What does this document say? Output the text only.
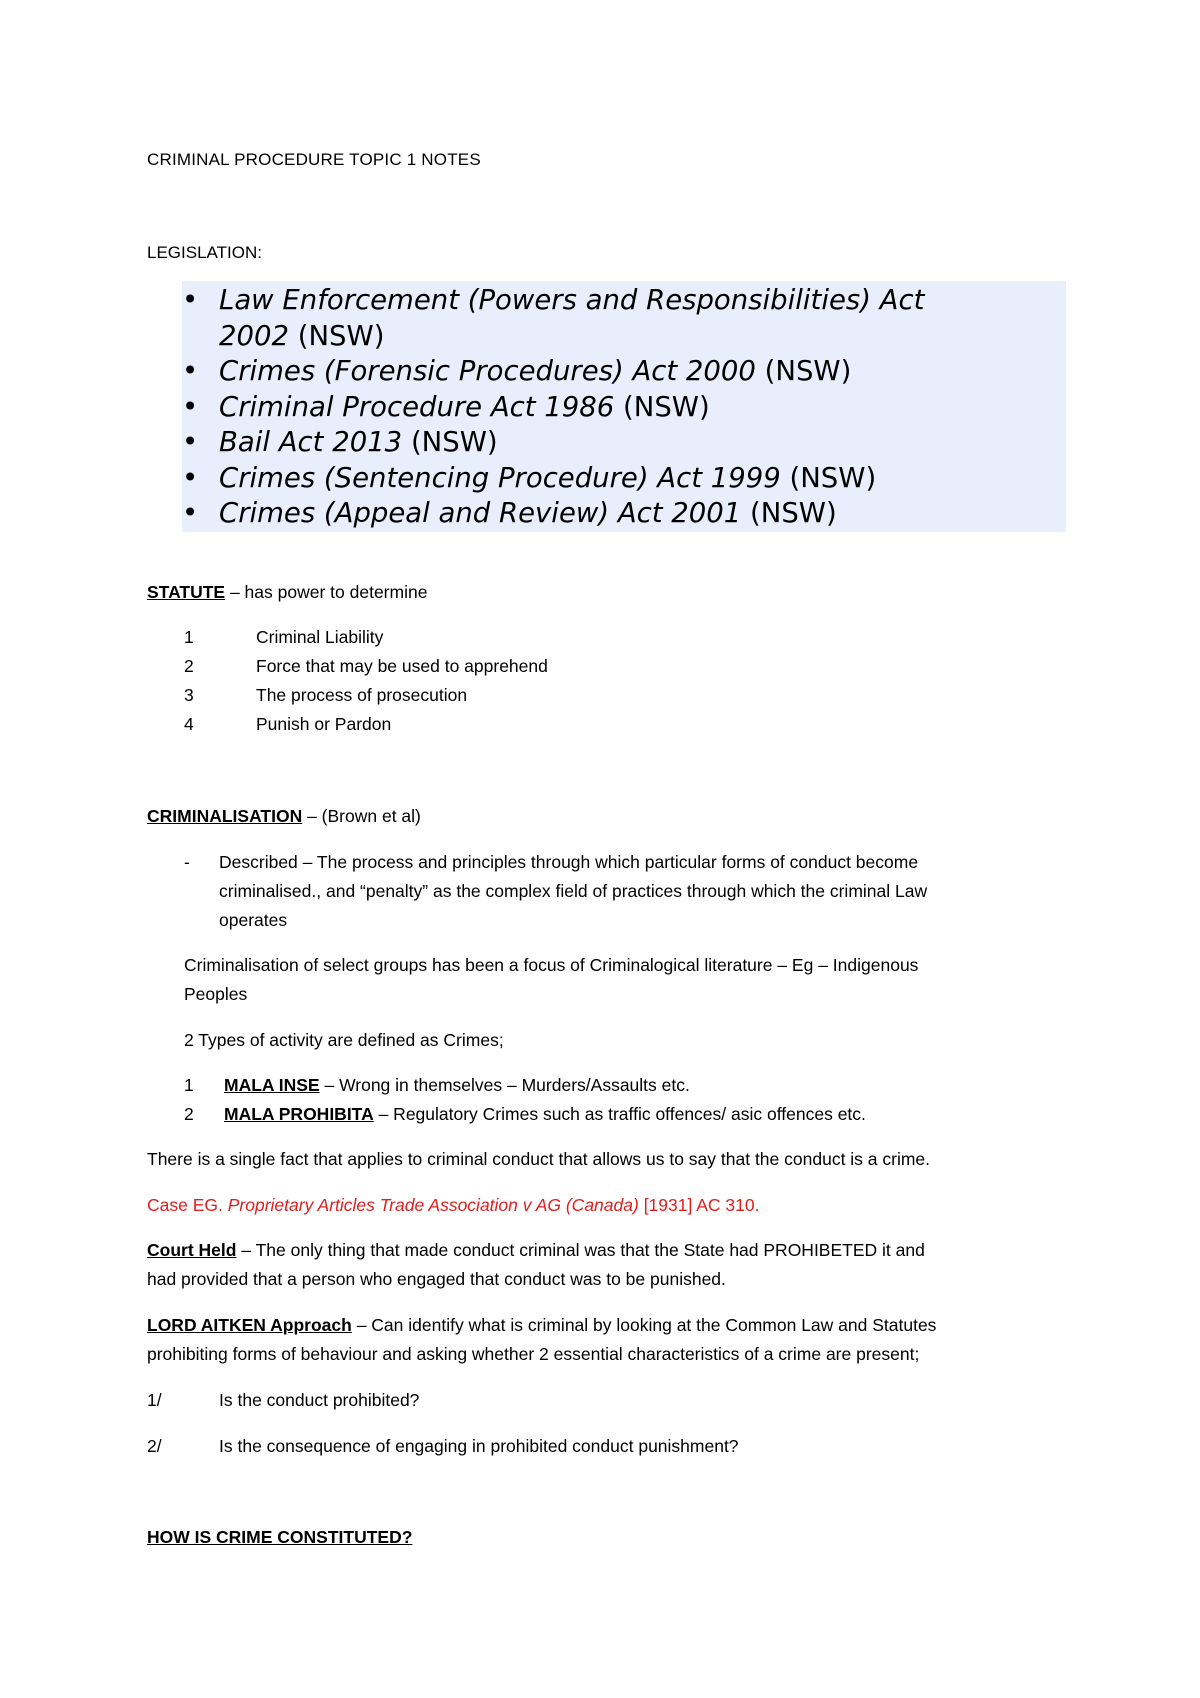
CRIMINAL PROCEDURE TOPIC 1 NOTES
LEGISLATION:
• Law Enforcement (Powers and Responsibilities) Act
2002 (NSW)
• Crimes (Forensic Procedures) Act 2000 (NSW)
• Criminal Procedure Act 1986 (NSW)
• Bail Act 2013 (NSW)
• Crimes (Sentencing Procedure) Act 1999 (NSW)
• Crimes (Appeal and Review) Act 2001 (NSW)
STATUTE – has power to determine
1	Criminal Liability
2	Force that may be used to apprehend
3	The process of prosecution
4	Punish or Pardon
CRIMINALISATION – (Brown et al)
- Described – The process and principles through which particular forms of conduct become
criminalised., and “penalty” as the complex field of practices through which the criminal Law
operates
Criminalisation of select groups has been a focus of Criminalogical literature – Eg – Indigenous
Peoples
2 Types of activity are defined as Crimes;
1 MALA INSE – Wrong in themselves – Murders/Assaults etc.
2 MALA PROHIBITA – Regulatory Crimes such as traffic offences/ asic offences etc.
There is a single fact that applies to criminal conduct that allows us to say that the conduct is a crime.
Case EG. Proprietary Articles Trade Association v AG (Canada) [1931] AC 310.
Court Held – The only thing that made conduct criminal was that the State had PROHIBETED it and
had provided that a person who engaged that conduct was to be punished.
LORD AITKEN Approach – Can identify what is criminal by looking at the Common Law and Statutes
prohibiting forms of behaviour and asking whether 2 essential characteristics of a crime are present;
1/	Is the conduct prohibited?
2/	Is the consequence of engaging in prohibited conduct punishment?
HOW IS CRIME CONSTITUTED?
